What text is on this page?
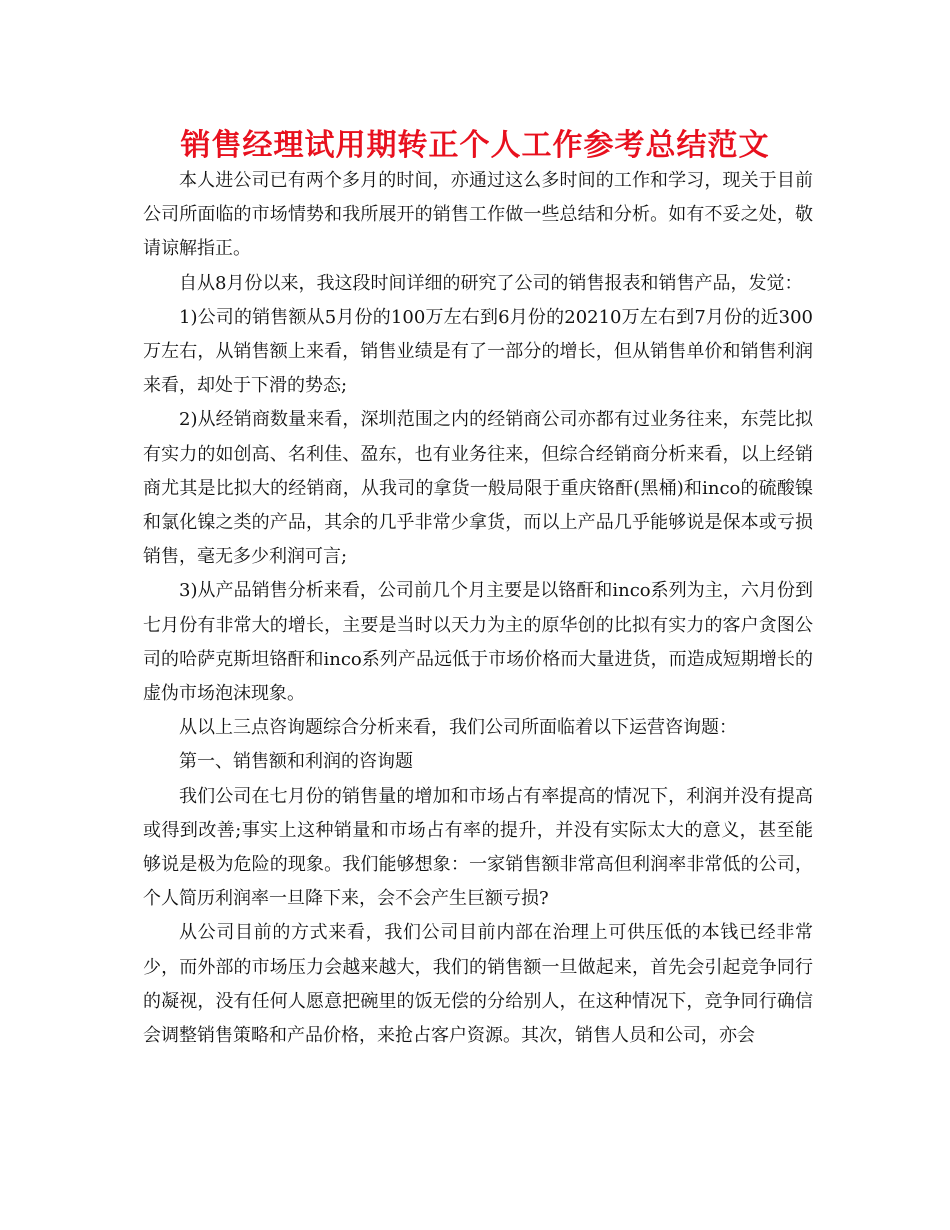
销售经理试用期转正个人工作参考总结范文

本人进公司已有两个多月的时间，亦通过这么多时间的工作和学习，现关于目前公司所面临的市场情势和我所展开的销售工作做一些总结和分析。如有不妥之处，敬请谅解指正。

自从8月份以来，我这段时间详细的研究了公司的销售报表和销售产品，发觉：

1)公司的销售额从5月份的100万左右到6月份的20210万左右到7月份的近300万左右，从销售额上来看，销售业绩是有了一部分的增长，但从销售单价和销售利润来看，却处于下滑的势态;

2)从经销商数量来看，深圳范围之内的经销商公司亦都有过业务往来，东莞比拟有实力的如创高、名利佳、盈东，也有业务往来，但综合经销商分析来看，以上经销商尤其是比拟大的经销商，从我司的拿货一般局限于重庆铬酐(黑桶)和inco的硫酸镍和氯化镍之类的产品，其余的几乎非常少拿货，而以上产品几乎能够说是保本或亏损销售，毫无多少利润可言;

3)从产品销售分析来看，公司前几个月主要是以铬酐和inco系列为主，六月份到七月份有非常大的增长，主要是当时以天力为主的原华创的比拟有实力的客户贪图公司的哈萨克斯坦铬酐和inco系列产品远低于市场价格而大量进货，而造成短期增长的虚伪市场泡沫现象。

从以上三点咨询题综合分析来看，我们公司所面临着以下运营咨询题：

第一、销售额和利润的咨询题

我们公司在七月份的销售量的增加和市场占有率提高的情况下，利润并没有提高或得到改善;事实上这种销量和市场占有率的提升，并没有实际太大的意义，甚至能够说是极为危险的现象。我们能够想象：一家销售额非常高但利润率非常低的公司，个人简历利润率一旦降下来，会不会产生巨额亏损?

从公司目前的方式来看，我们公司目前内部在治理上可供压低的本钱已经非常少，而外部的市场压力会越来越大，我们的销售额一旦做起来，首先会引起竞争同行的凝视，没有任何人愿意把碗里的饭无偿的分给别人，在这种情况下，竞争同行确信会调整销售策略和产品价格，来抢占客户资源。其次，销售人员和公司，亦会
